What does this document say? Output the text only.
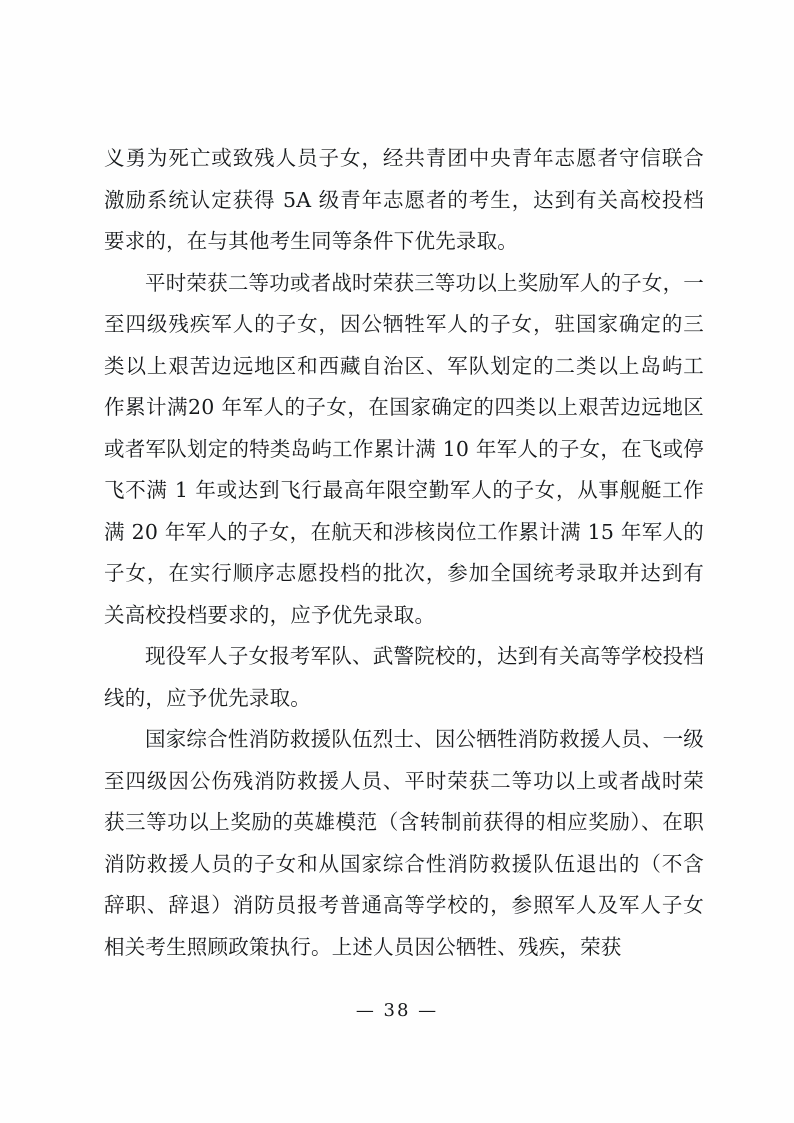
义勇为死亡或致残人员子女，经共青团中央青年志愿者守信联合激励系统认定获得 5A 级青年志愿者的考生，达到有关高校投档要求的，在与其他考生同等条件下优先录取。

平时荣获二等功或者战时荣获三等功以上奖励军人的子女，一至四级残疾军人的子女，因公牺牲军人的子女，驻国家确定的三类以上艰苦边远地区和西藏自治区、军队划定的二类以上岛屿工作累计满20 年军人的子女，在国家确定的四类以上艰苦边远地区或者军队划定的特类岛屿工作累计满 10 年军人的子女，在飞或停飞不满 1 年或达到飞行最高年限空勤军人的子女，从事舰艇工作满 20 年军人的子女，在航天和涉核岗位工作累计满 15 年军人的子女，在实行顺序志愿投档的批次，参加全国统考录取并达到有关高校投档要求的，应予优先录取。

现役军人子女报考军队、武警院校的，达到有关高等学校投档线的，应予优先录取。

国家综合性消防救援队伍烈士、因公牺牲消防救援人员、一级至四级因公伤残消防救援人员、平时荣获二等功以上或者战时荣获三等功以上奖励的英雄模范（含转制前获得的相应奖励）、在职消防救援人员的子女和从国家综合性消防救援队伍退出的（不含辞职、辞退）消防员报考普通高等学校的，参照军人及军人子女相关考生照顾政策执行。上述人员因公牺牲、残疾，荣获

— 38 —
